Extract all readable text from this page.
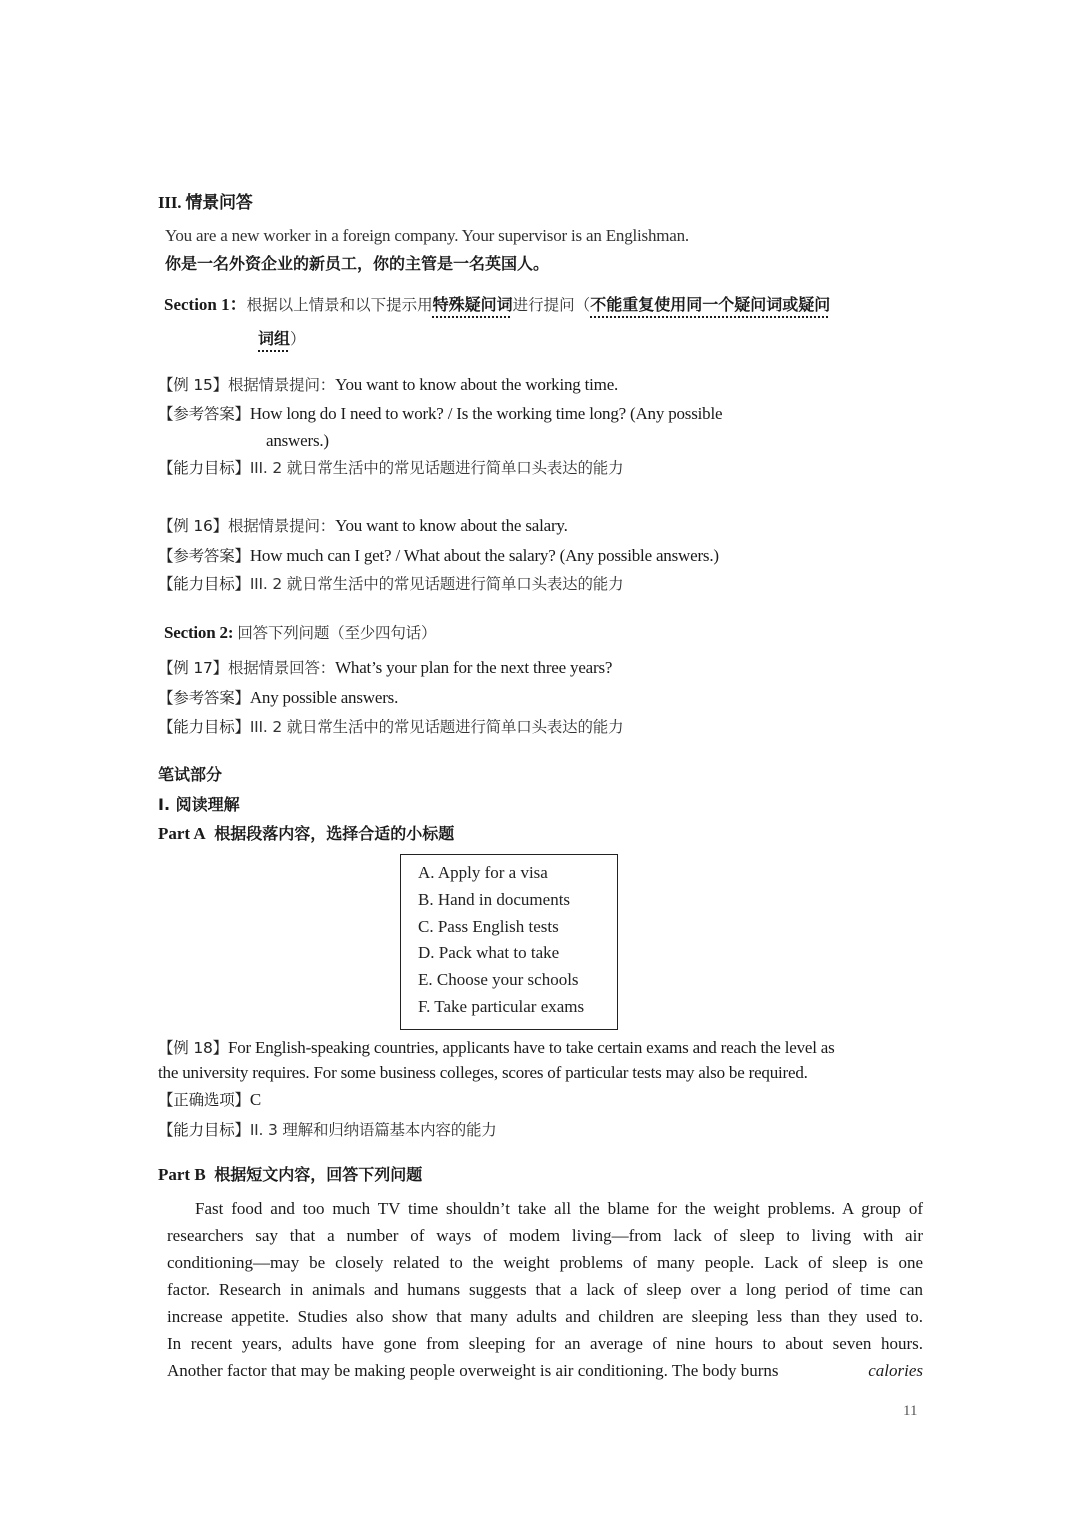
III. 情景问答
You are a new worker in a foreign company. Your supervisor is an Englishman.
你是一名外资企业的新员工，你的主管是一名英国人。
Section 1：根据以上情景和以下提示用特殊疑问词进行提问（不能重复使用同一个疑问词或疑问
词组）
【例 15】根据情景提问：You want to know about the working time.
【参考答案】How long do I need to work? / Is the working time long? (Any possible
answers.)
【能力目标】III. 2 就日常生活中的常见话题进行简单口头表达的能力
【例 16】根据情景提问：You want to know about the salary.
【参考答案】How much can I get? / What about the salary? (Any possible answers.)
【能力目标】III. 2 就日常生活中的常见话题进行简单口头表达的能力
Section 2: 回答下列问题（至少四句话）
【例 17】根据情景回答：What’s your plan for the next three years?
【参考答案】Any possible answers.
【能力目标】III. 2 就日常生活中的常见话题进行简单口头表达的能力
笔试部分
I. 阅读理解
Part A 根据段落内容，选择合适的小标题
A. Apply for a visa
B. Hand in documents
C. Pass English tests
D. Pack what to take
E. Choose your schools
F. Take particular exams
【例 18】For English-speaking countries, applicants have to take certain exams and reach the level as
the university requires. For some business colleges, scores of particular tests may also be required.
【正确选项】C
【能力目标】II. 3 理解和归纳语篇基本内容的能力
Part B 根据短文内容，回答下列问题
Fast food and too much TV time shouldn’t take all the blame for the weight problems. A group of
researchers say that a number of ways of modem living—from lack of sleep to living with air
conditioning—may be closely related to the weight problems of many people. Lack of sleep is one
factor. Research in animals and humans suggests that a lack of sleep over a long period of time can
increase appetite. Studies also show that many adults and children are sleeping less than they used to.
In recent years, adults have gone from sleeping for an average of nine hours to about seven hours.
Another factor that may be making people overweight is air conditioning. The body burns	calories
11
